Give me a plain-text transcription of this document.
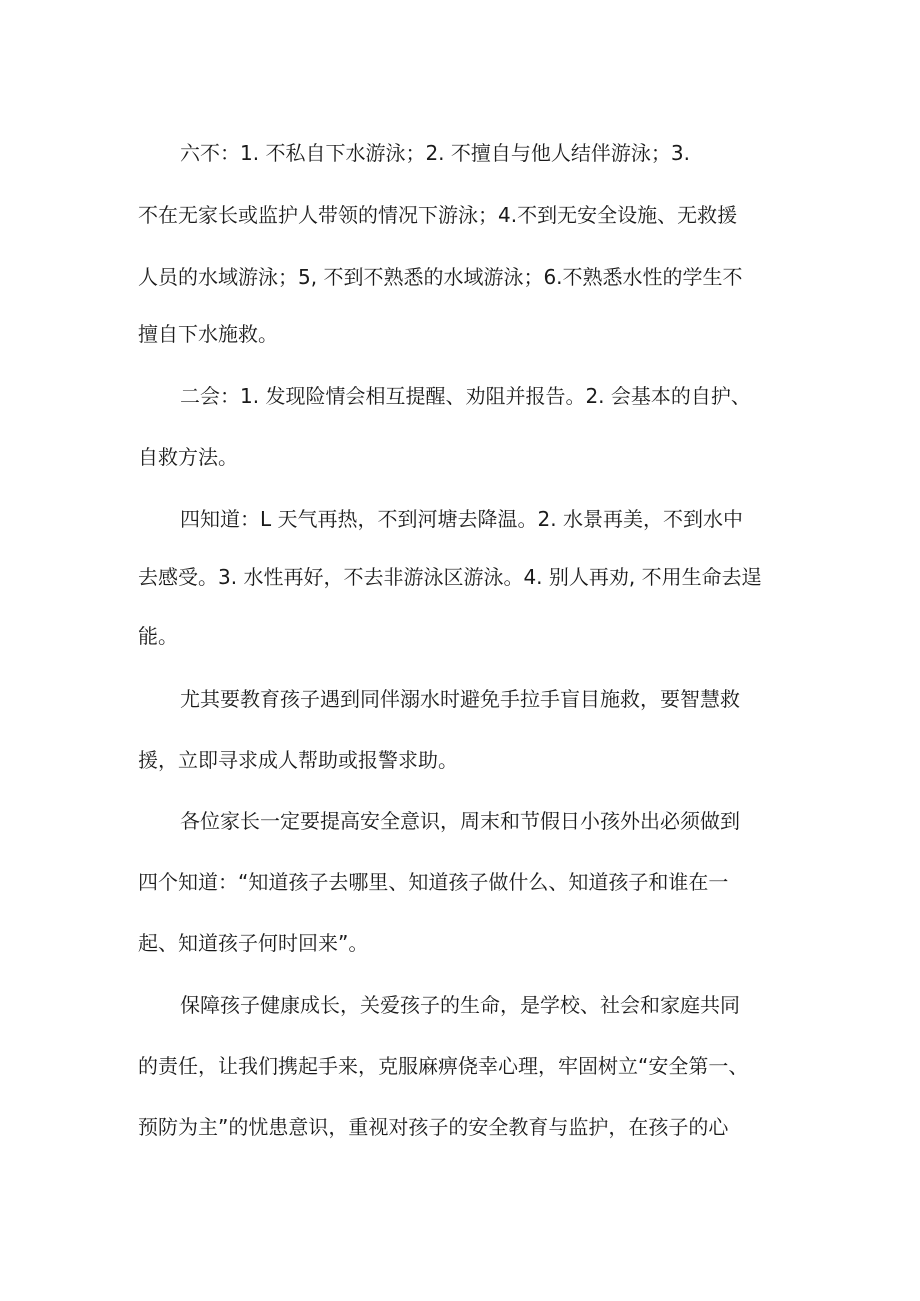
六不：1. 不私自下水游泳；2. 不擅自与他人结伴游泳；3.

不在无家长或监护人带领的情况下游泳；4.不到无安全设施、无救援

人员的水域游泳；5, 不到不熟悉的水域游泳；6.不熟悉水性的学生不

擅自下水施救。

二会：1. 发现险情会相互提醒、劝阻并报告。2. 会基本的自护、

自救方法。

四知道：L 天气再热，不到河塘去降温。2. 水景再美，不到水中

去感受。3. 水性再好，不去非游泳区游泳。4. 别人再劝, 不用生命去逞

能。

尤其要教育孩子遇到同伴溺水时避免手拉手盲目施救，要智慧救

援，立即寻求成人帮助或报警求助。

各位家长一定要提高安全意识，周末和节假日小孩外出必须做到

四个知道：“知道孩子去哪里、知道孩子做什么、知道孩子和谁在一

起、知道孩子何时回来”。

保障孩子健康成长，关爱孩子的生命，是学校、社会和家庭共同

的责任，让我们携起手来，克服麻痹侥幸心理，牢固树立“安全第一、

预防为主”的忧患意识，重视对孩子的安全教育与监护，在孩子的心
